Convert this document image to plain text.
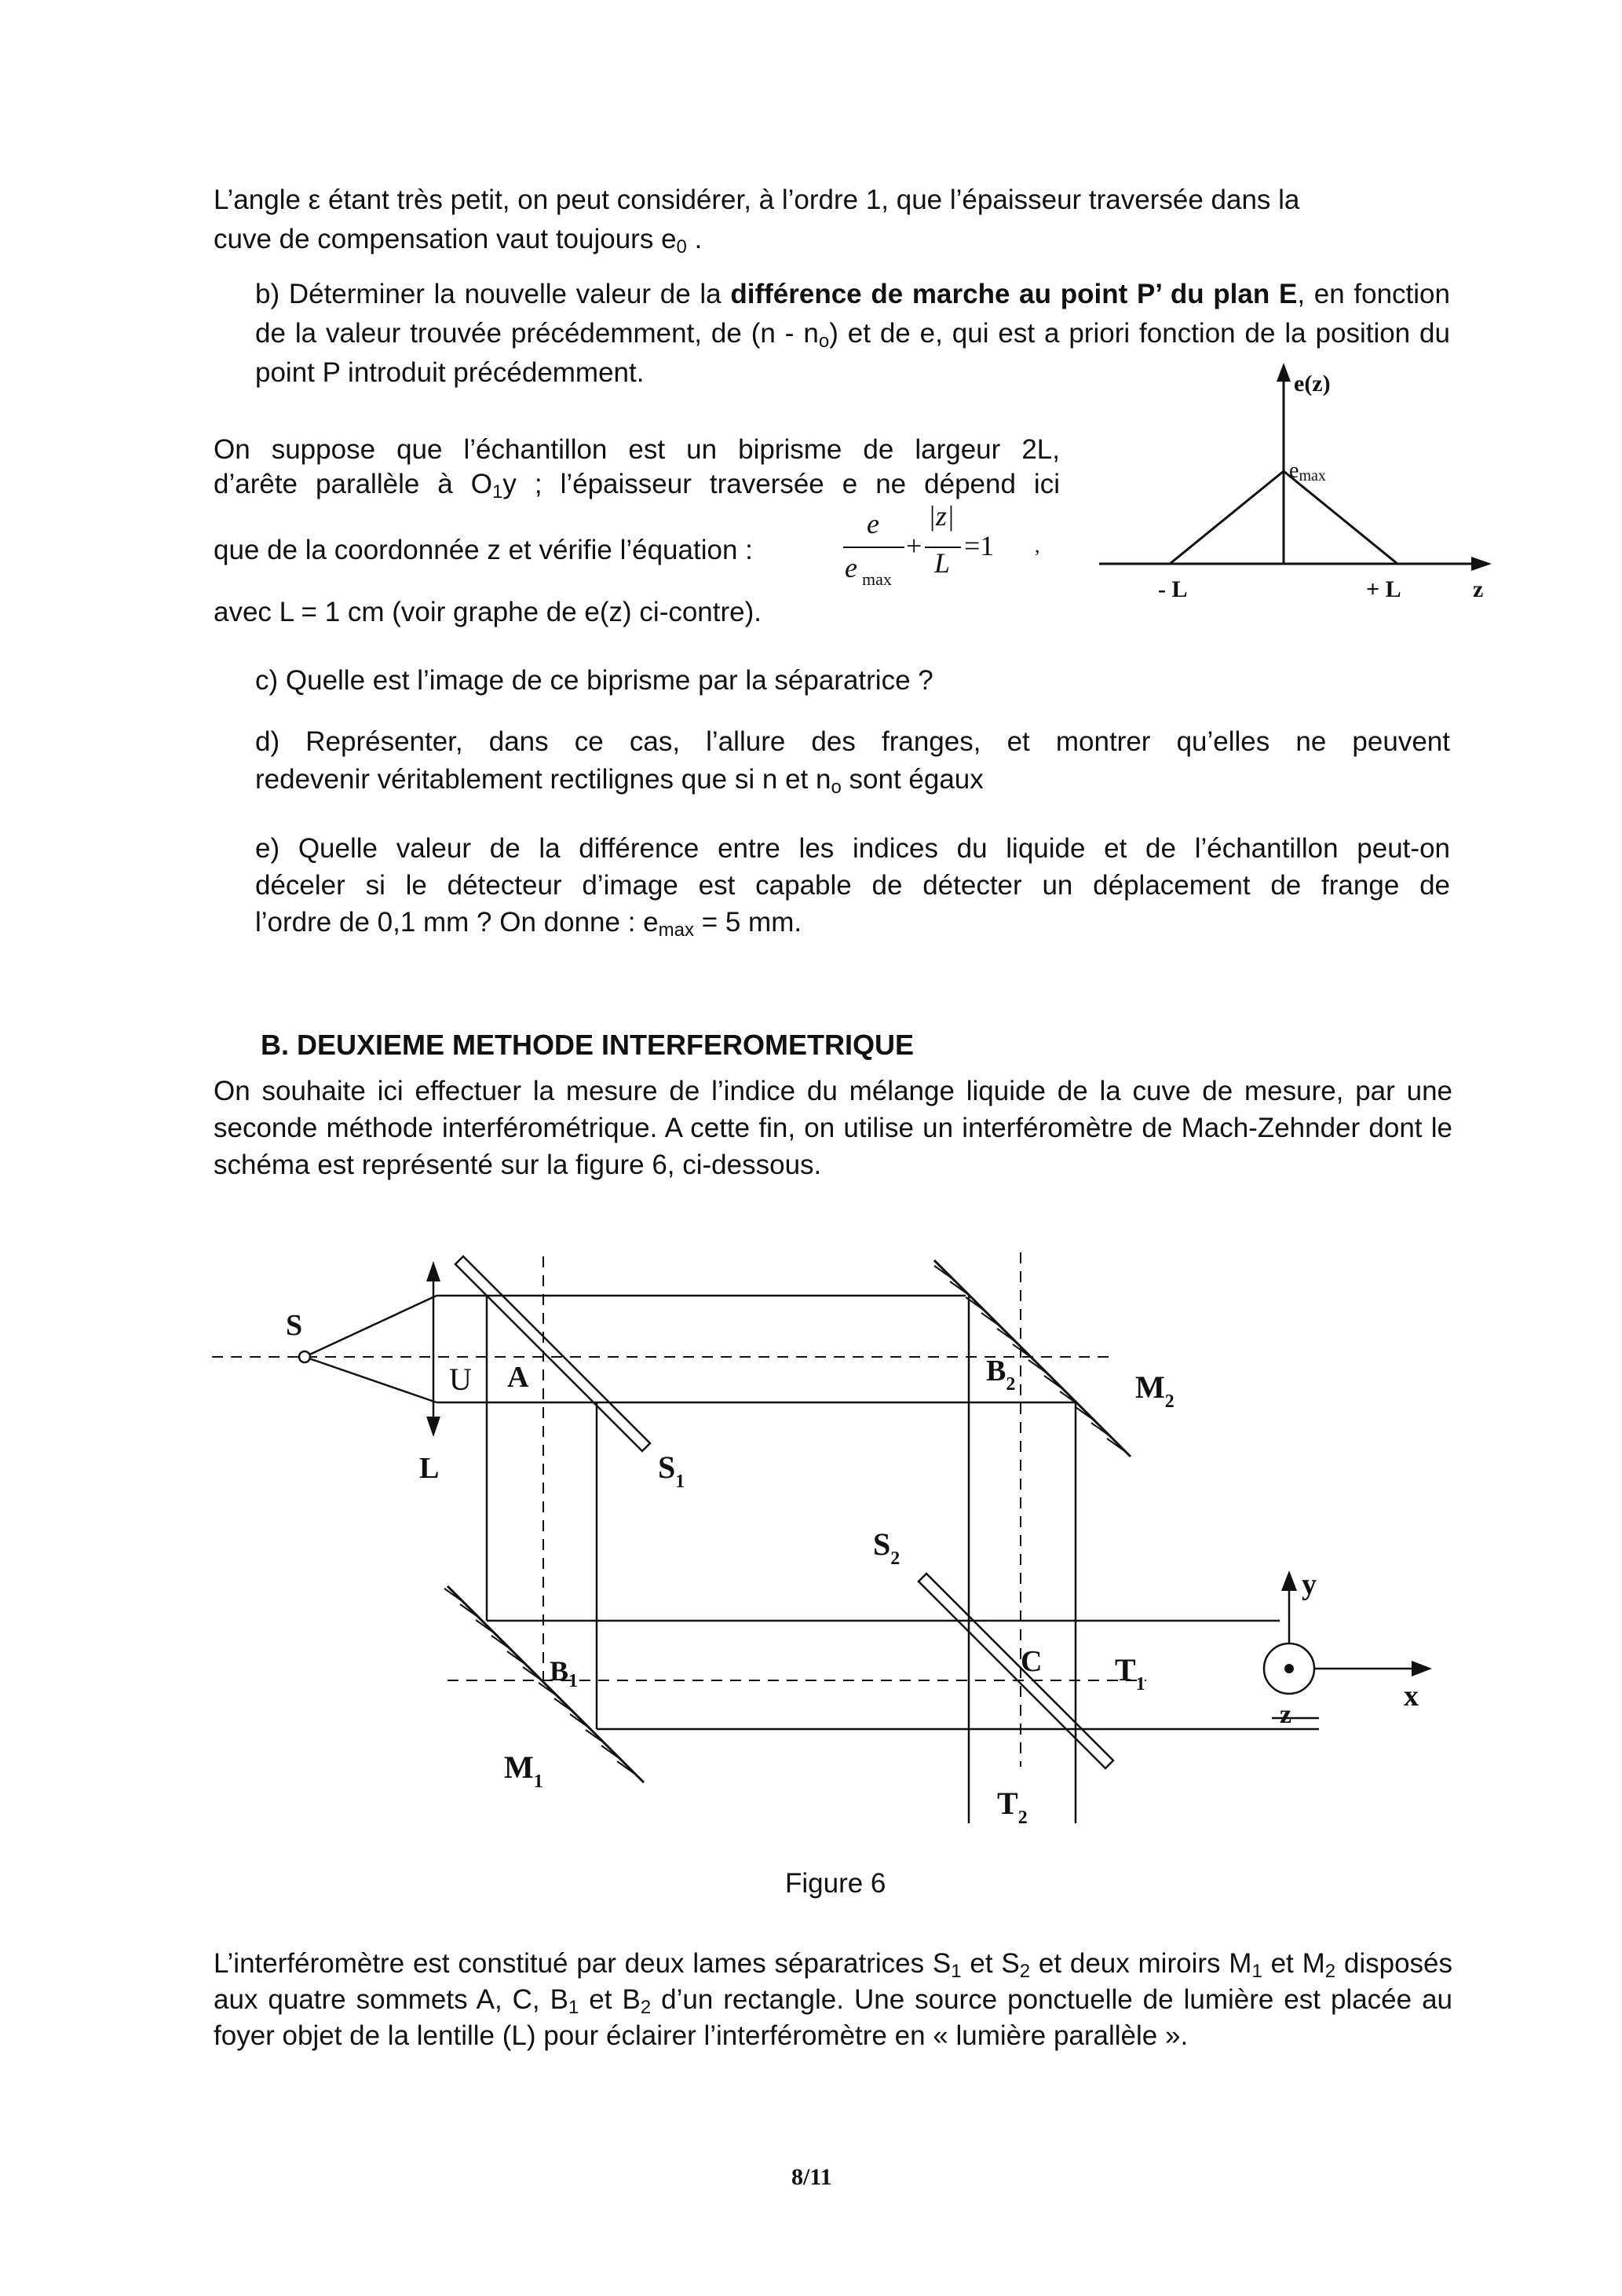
L’angle ε étant très petit, on peut considérer, à l’ordre 1, que l’épaisseur traversée dans la
cuve de compensation vaut toujours $e_0$ .
b) Déterminer la nouvelle valeur de la différence de marche au point P’ du plan E, en fonction de la valeur trouvée précédemment, de $(n - n_o)$ et de e, qui est a priori fonction de la position du point P introduit précédemment.
On suppose que l’échantillon est un biprisme de largeur 2L,
d’arête parallèle à $O_1y$ ; l’épaisseur traversée e ne dépend ici
que de la coordonnée z et vérifie l’équation :
avec L = 1 cm (voir graphe de e(z) ci-contre).
e
e $_{max}$
+
|z|
L
=1 ,
e(z)
emax
- L	+ L	z
c) Quelle est l’image de ce biprisme par la séparatrice ?
d) Représenter, dans ce cas, l’allure des franges, et montrer qu’elles ne peuvent
redevenir véritablement rectilignes que si n et $n_o$ sont égaux
e) Quelle valeur de la différence entre les indices du liquide et de l’échantillon peut-on
déceler si le détecteur d’image est capable de détecter un déplacement de frange de
l’ordre de 0,1 mm ? On donne : $e_{max} = 5$ mm.
B. DEUXIEME METHODE INTERFEROMETRIQUE
On souhaite ici effectuer la mesure de l’indice du mélange liquide de la cuve de mesure, par une seconde méthode interférométrique. A cette fin, on utilise un interféromètre de Mach-Zehnder dont le schéma est représenté sur la figure 6, ci-dessous.
S
U A
L	$S_1$
$B_2$	$M_2$
$S_2$
$B_1$
C $T_1$
$M_1$
$T_2$
y
x
z
Figure 6
L’interféromètre est constitué par deux lames séparatrices $S_1$ et $S_2$ et deux miroirs $M_1$ et $M_2$ disposés aux quatre sommets A, C, $B_1$ et $B_2$ d’un rectangle. Une source ponctuelle de lumière est placée au foyer objet de la lentille (L) pour éclairer l’interféromètre en « lumière parallèle ».
8/11
